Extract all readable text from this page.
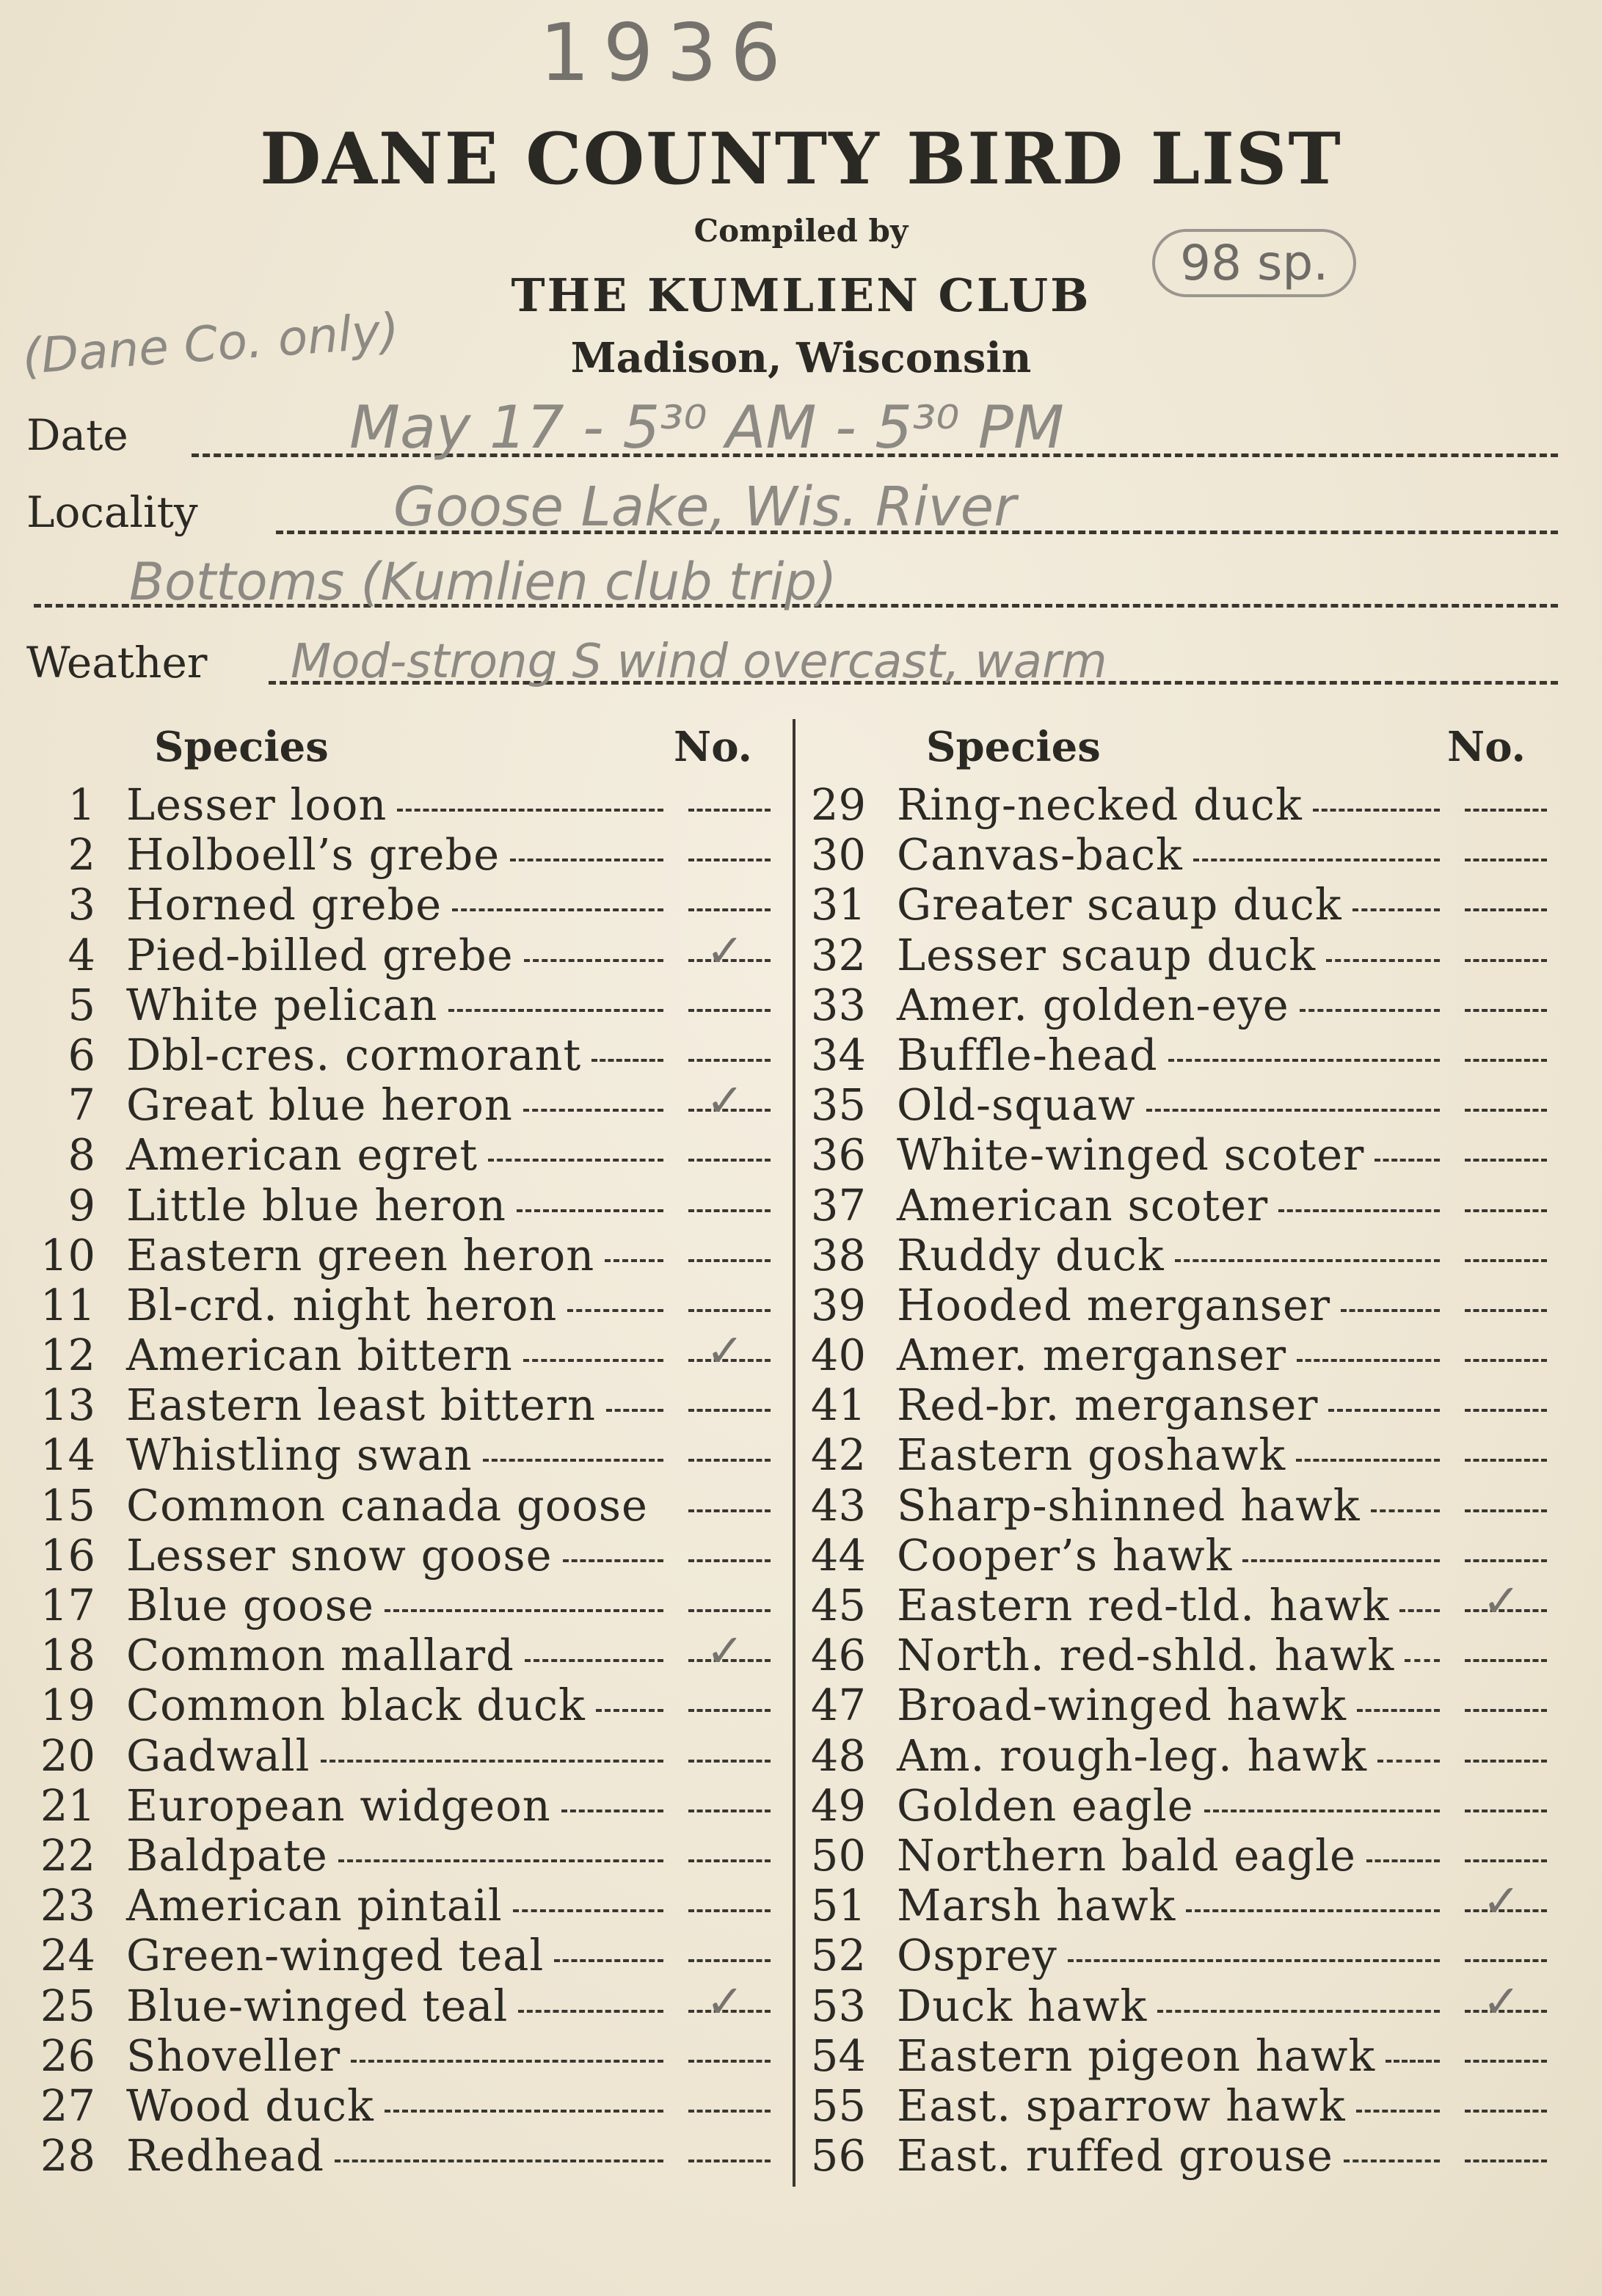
1936
DANE COUNTY BIRD LIST
Compiled by
THE KUMLIEN CLUB
Madison, Wisconsin
98 sp.
(Dane Co. only)
Date	May 17 - 5³⁰ AM - 5³⁰ PM
Locality	Goose Lake, Wis. River
Bottoms (Kumlien club trip)
Weather Mod-strong S wind overcast, warm
Species	No.	Species	No.
1 Lesser loon
2 Holboell’s grebe
3 Horned grebe
4 Pied-billed grebe	✓
5 White pelican
6 Dbl-cres. cormorant
7 Great blue heron	✓
8 American egret
9 Little blue heron
10 Eastern green heron
11 Bl-crd. night heron
12 American bittern	✓
13 Eastern least bittern
14 Whistling swan
15 Common canada goose
16 Lesser snow goose
17 Blue goose
18 Common mallard	✓
19 Common black duck
20 Gadwall
21 European widgeon
22 Baldpate
23 American pintail
24 Green-winged teal
25 Blue-winged teal	✓
26 Shoveller
27 Wood duck
28 Redhead
29 Ring-necked duck
30 Canvas-back
31 Greater scaup duck
32 Lesser scaup duck
33 Amer. golden-eye
34 Buffle-head
35 Old-squaw
36 White-winged scoter
37 American scoter
38 Ruddy duck
39 Hooded merganser
40 Amer. merganser
41 Red-br. merganser
42 Eastern goshawk
43 Sharp-shinned hawk
44 Cooper’s hawk
45 Eastern red-tld. hawk ✓
46 North. red-shld. hawk
47 Broad-winged hawk
48 Am. rough-leg. hawk
49 Golden eagle
50 Northern bald eagle
51 Marsh hawk	✓
52 Osprey
53 Duck hawk	✓
54 Eastern pigeon hawk
55 East. sparrow hawk
56 East. ruffed grouse
